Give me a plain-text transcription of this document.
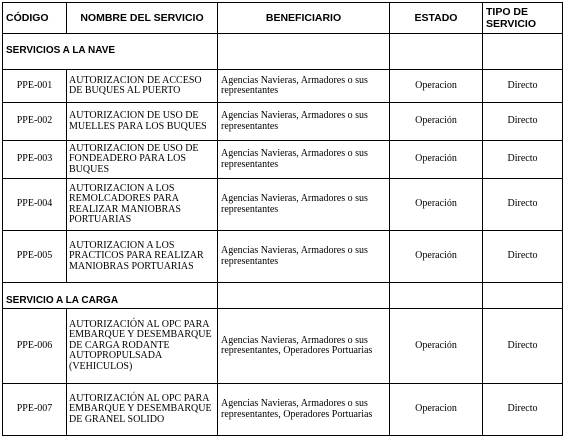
CÓDIGO	NOMBRE DEL SERVICIO	BENEFICIARIO	ESTADO	TIPO DE SERVICIO
SERVICIOS A LA NAVE				
PPE-001	AUTORIZACION DE ACCESO DE BUQUES AL PUERTO	Agencias Navieras, Armadores o sus representantes	Operacion	Directo
PPE-002	AUTORIZACION DE USO DE MUELLES PARA LOS BUQUES	Agencias Navieras, Armadores o sus representantes	Operación	Directo
PPE-003	AUTORIZACION DE USO DE FONDEADERO PARA LOS BUQUES	Agencias Navieras, Armadores o sus representantes	Operación	Directo
PPE-004	AUTORIZACION A LOS REMOLCADORES PARA REALIZAR MANIOBRAS PORTUARIAS	Agencias Navieras, Armadores o sus representantes	Operación	Directo
PPE-005	AUTORIZACION A LOS PRACTICOS PARA REALIZAR MANIOBRAS PORTUARIAS	Agencias Navieras, Armadores o sus representantes	Operación	Directo
SERVICIO A LA CARGA				
PPE-006	AUTORIZACIÓN AL OPC PARA EMBARQUE Y DESEMBARQUE DE CARGA RODANTE AUTOPROPULSADA (VEHICULOS)	Agencias Navieras, Armadores o sus representantes, Operadores Portuarias	Operación	Directo
PPE-007	AUTORIZACIÓN AL OPC PARA EMBARQUE Y DESEMBARQUE DE GRANEL SOLIDO	Agencias Navieras, Armadores o sus representantes, Operadores Portuarias	Operacion	Directo
